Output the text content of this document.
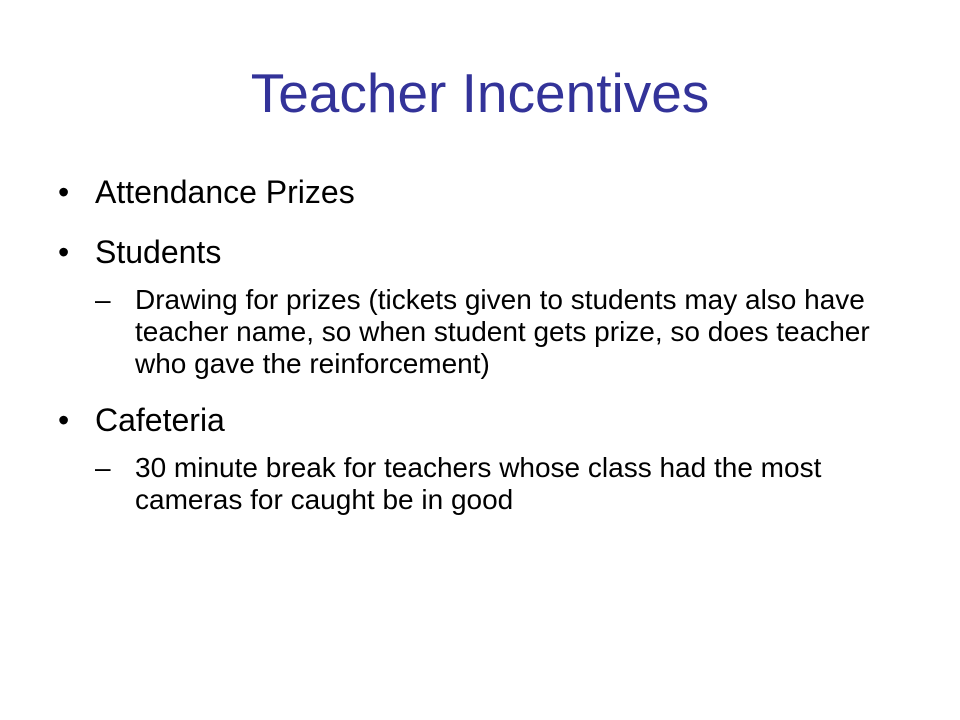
Teacher Incentives
• Attendance Prizes
• Students
– Drawing for prizes (tickets given to students may also have teacher name, so when student gets prize, so does teacher who gave the reinforcement)
• Cafeteria
– 30 minute break for teachers whose class had the most cameras for caught be in good
